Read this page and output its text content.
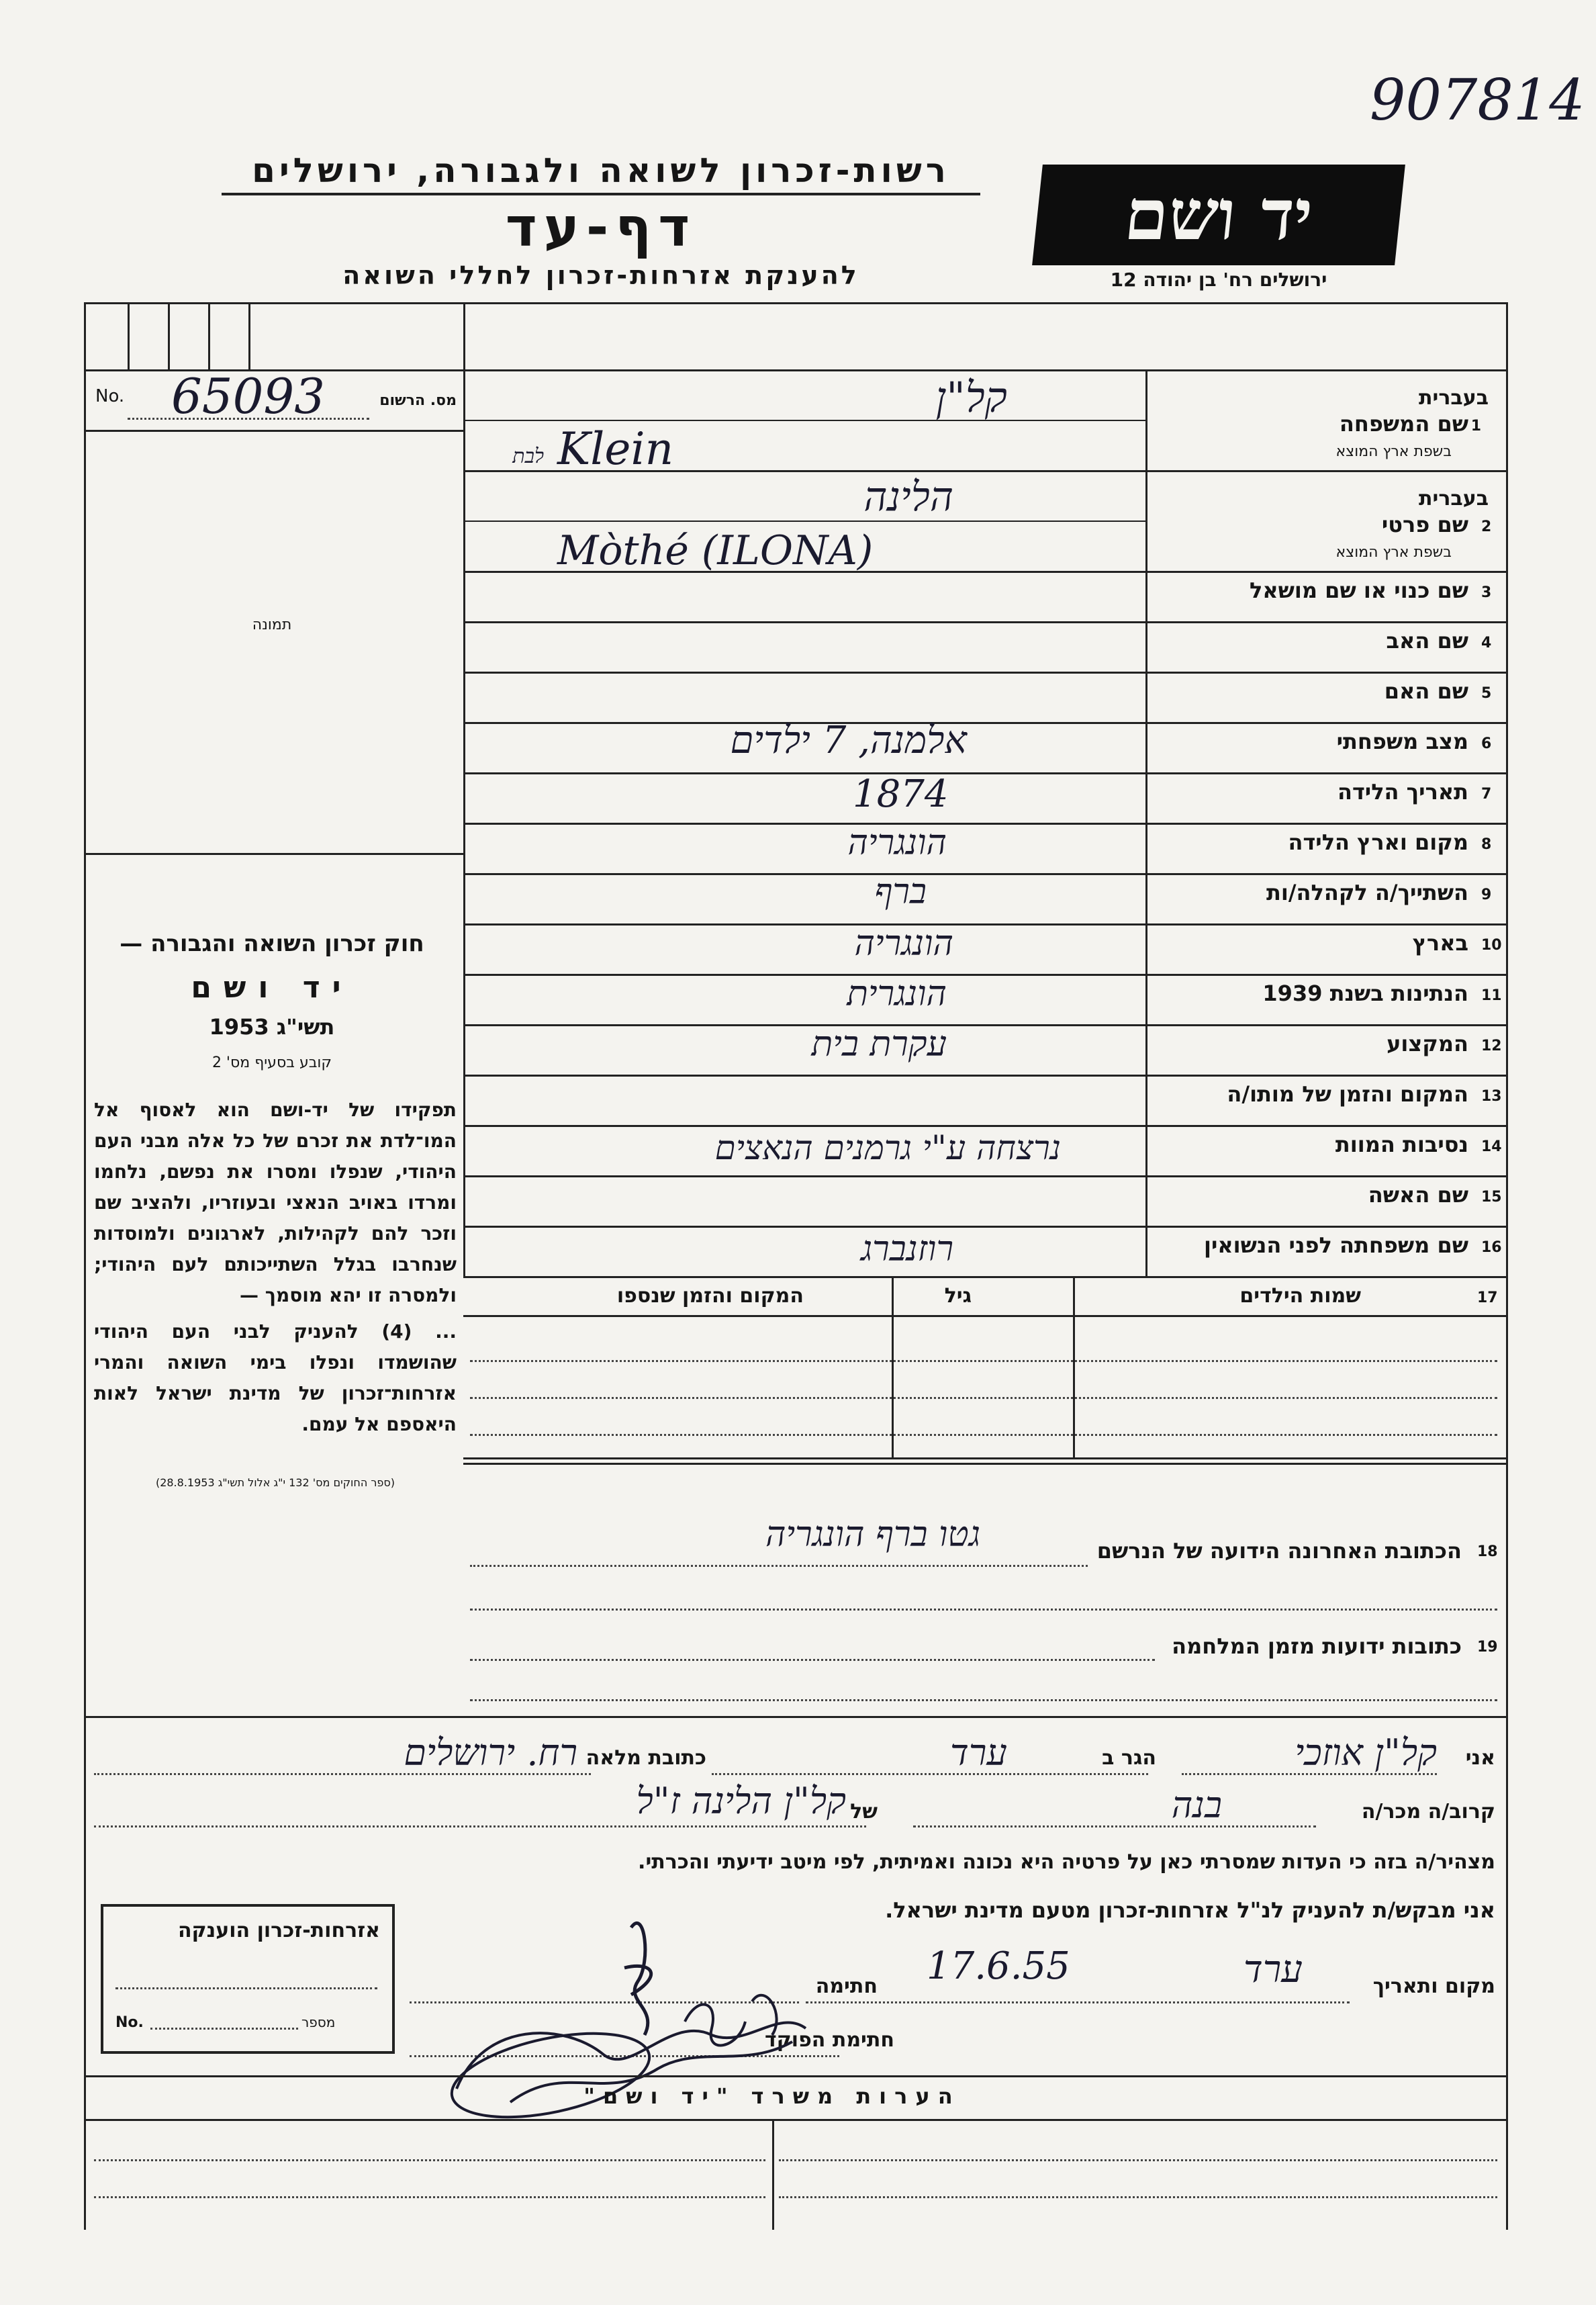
907814
רשות-זכרון לשואה ולגבורה, ירושלים
דף-עד
להענקת אזרחות-זכרון לחללי השואה
יד ושם
ירושלים רח' בן יהודה 12
No. 65093	מס. הרשום
תמונה
חוק זכרון השואה והגבורה —
יד ושם
תשי"ג 1953
קובע בסעיף מס' 2
תפקידו של יד-ושם הוא לאסוף אל המו־לדת את זכרם של כל אלה מבני העם היהודי, שנפלו ומסרו את נפשם, נלחמו ומרדו באויב הנאצי ובעוזריו, ולהציב שם וזכר להם לקהילות, לארגונים ולמוסדות שנחרבו בגלל השתייכותם לעם היהודי; ולמסרה זו יהא מוסמך —
... (4) להעניק לבני העם היהודי שהושמדו ונפלו בימי השואה והמרי אזרחות־זכרון של מדינת ישראל לאות היאספם אל עמם.
(ספר החוקים מס' 132 י"ג אלול תשי"ג 28.8.1953)
בעברית
1
שם המשפחה
בשפת ארץ המוצא
קל"ן
Klein
לבת
בעברית
2
שם פרטי
בשפת ארץ המוצא
הלינה
Mòthé (ILONA)
3
שם כנוי או שם מושאל
4
שם האב
5
שם האם
6
מצב משפחתי
אלמנה, 7 ילדים
7
תאריך הלידה
1874
8
מקום וארץ הלידה
הונגריה
9
השתייך/ה לקהלה/ות
ברף
10
בארץ
הונגריה
11
הנתינות בשנת 1939
הונגרית
12
המקצוע
עקרת בית
13
המקום והזמן של מותו/ה
14
נסיבות המוות
נרצחה ע"י גרמנים הנאצים
15
שם האשה
16
שם משפחתה לפני הנשואין
רוזנברג
17
שמות הילדים
גיל
המקום והזמן שנספו
18
הכתובת האחרונה הידועה של הנרשם
גטו ברף הונגריה
19
כתובות ידועות מזמן המלחמה
אני
קל"ן אוזכי
הגר ב
ערד
כתובת מלאה
רח. ירושלים
קרוב/ה מכר/ה
בנה
של
קל"ן הלינה ז"ל
מצהיר/ה בזה כי העדות שמסרתי כאן על פרטיה היא נכונה ואמיתית, לפי מיטב ידיעתי והכרתי.
אני מבקש/ת להעניק לנ"ל אזרחות-זכרון מטעם מדינת ישראל.
מקום ותאריך
ערד
17.6.55
חתימה
חתימת הפוקד
אזרחות-זכרון הוענקה
No.	מספר
הערות משרד "יד ושם"
